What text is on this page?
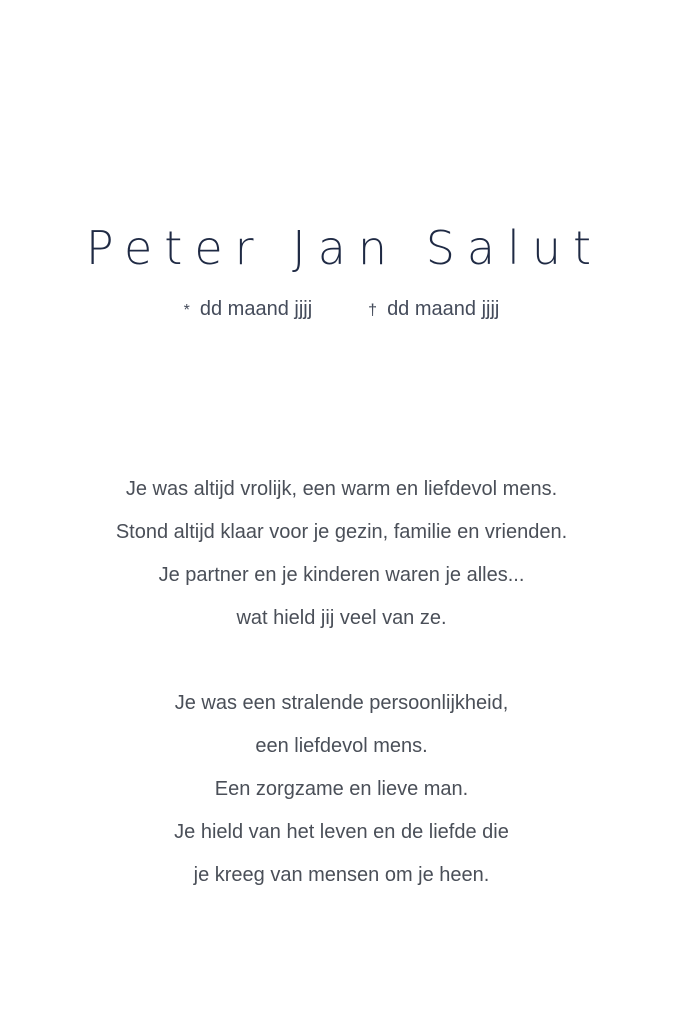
Peter Jan Salut
* dd maand jjjj	† dd maand jjjj
Je was altijd vrolijk, een warm en liefdevol mens.
Stond altijd klaar voor je gezin, familie en vrienden.
Je partner en je kinderen waren je alles...
wat hield jij veel van ze.
Je was een stralende persoonlijkheid,
een liefdevol mens.
Een zorgzame en lieve man.
Je hield van het leven en de liefde die
je kreeg van mensen om je heen.
